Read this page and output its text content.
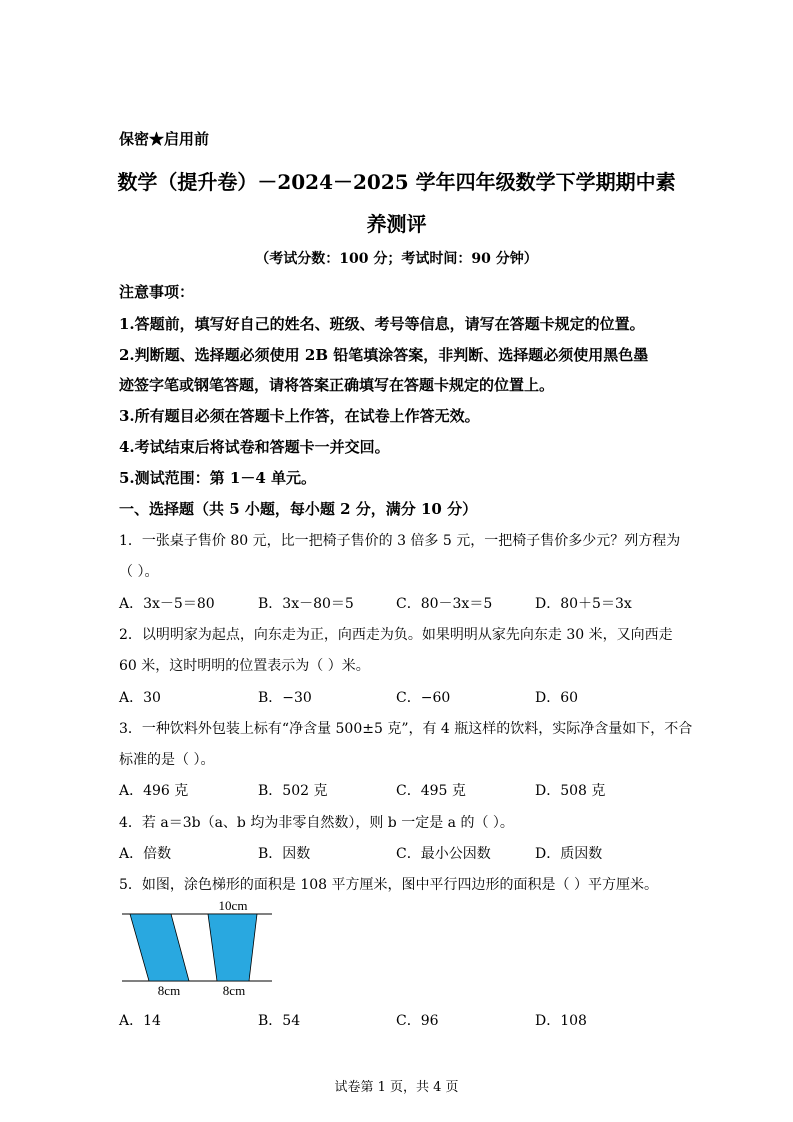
保密★启用前
数学（提升卷）－2024－2025 学年四年级数学下学期期中素
养测评
（考试分数：100 分；考试时间：90 分钟）
注意事项：
1.答题前，填写好自己的姓名、班级、考号等信息，请写在答题卡规定的位置。
2.判断题、选择题必须使用 2B 铅笔填涂答案，非判断、选择题必须使用黑色墨
迹签字笔或钢笔答题，请将答案正确填写在答题卡规定的位置上。
3.所有题目必须在答题卡上作答，在试卷上作答无效。
4.考试结束后将试卷和答题卡一并交回。
5.测试范围：第 1－4 单元。
一、选择题（共 5 小题，每小题 2 分，满分 10 分）
1．一张桌子售价 80 元，比一把椅子售价的 3 倍多 5 元，一把椅子售价多少元？列方程为
（ ）。
A．3x－5＝80	B．3x－80＝5	C．80－3x＝5	D．80＋5＝3x
2．以明明家为起点，向东走为正，向西走为负。如果明明从家先向东走 30 米，又向西走
60 米，这时明明的位置表示为（ ）米。
A．30	B．−30	C．−60	D．60
3．一种饮料外包装上标有“净含量 500±5 克”，有 4 瓶这样的饮料，实际净含量如下，不合
标准的是（ ）。
A．496 克	B．502 克	C．495 克	D．508 克
4．若 a＝3b（a、b 均为非零自然数），则 b 一定是 a 的（ ）。
A．倍数	B．因数	C．最小公因数	D．质因数
5．如图，涂色梯形的面积是 108 平方厘米，图中平行四边形的面积是（ ）平方厘米。
10cm
8cm	8cm
A．14	B．54	C．96	D．108
试卷第 1 页，共 4 页
